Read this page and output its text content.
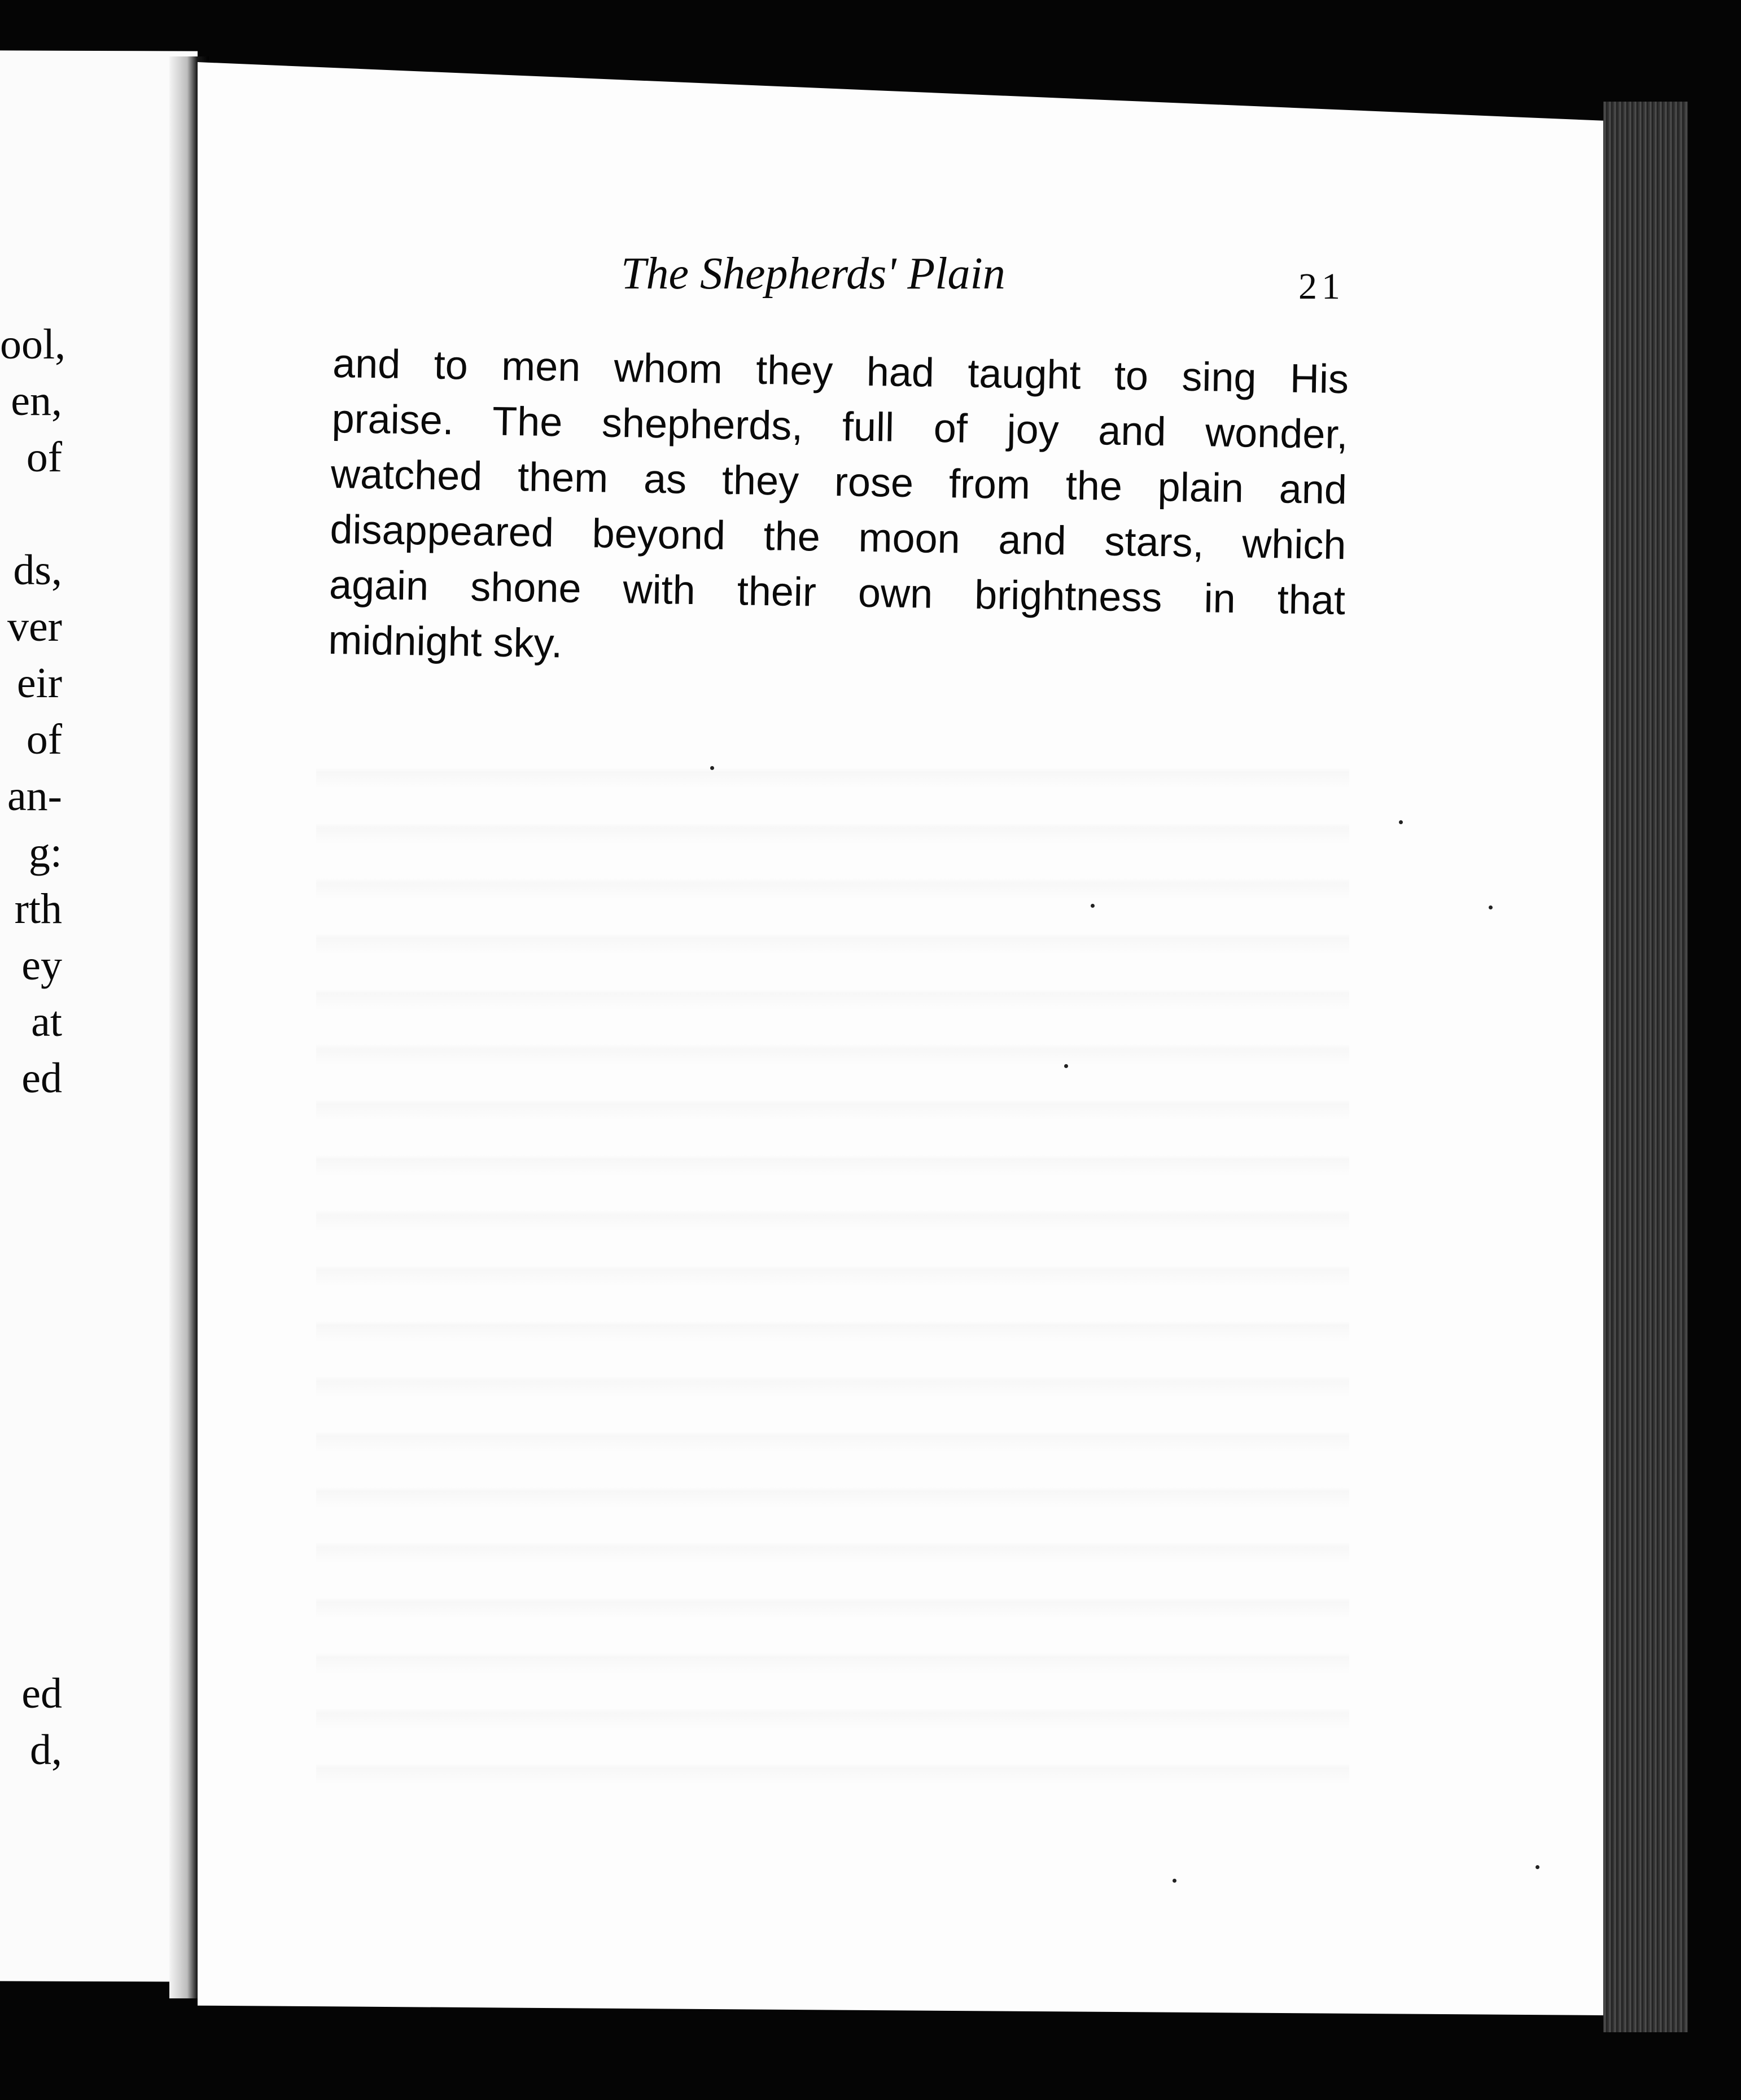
ool,
en,
of
ds,
ver
eir
of
an-
g:
rth
ey
at
ed
ed
d,
The Shepherds' Plain	21
and to men whom they had taught to sing His
praise. The shepherds, full of joy and wonder,
watched them as they rose from the plain and
disappeared beyond the moon and stars, which
again shone with their own brightness in that
midnight sky.
